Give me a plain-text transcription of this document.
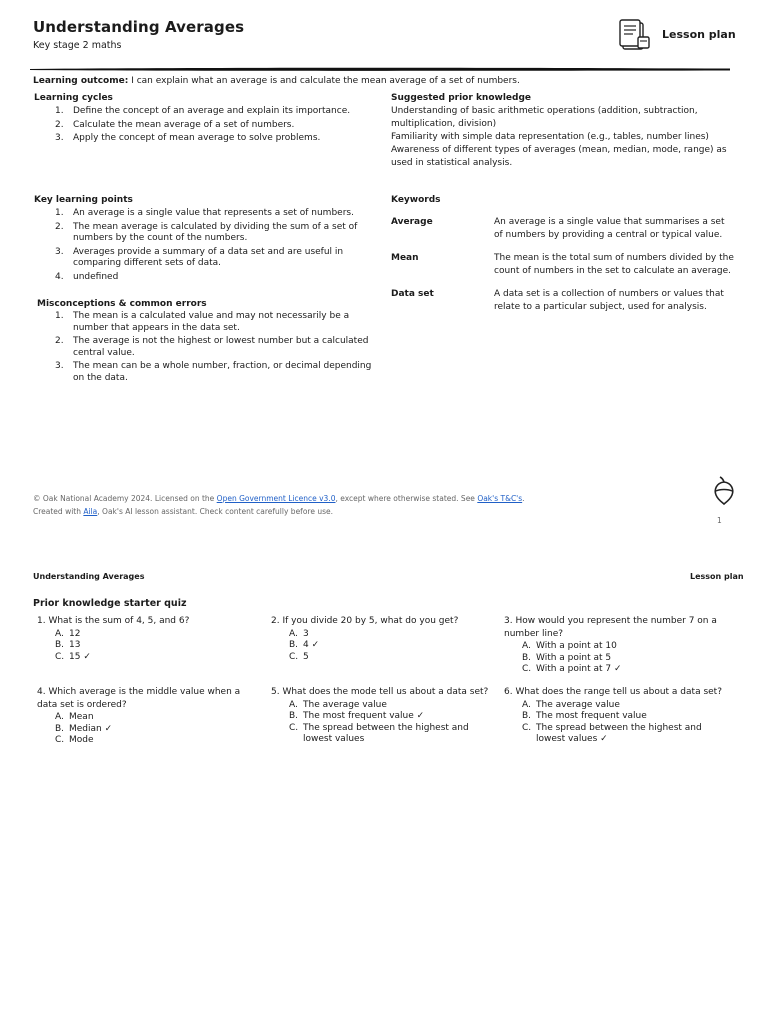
Understanding Averages
Key stage 2 maths
Lesson plan
Learning outcome: I can explain what an average is and calculate the mean average of a set of numbers.
Learning cycles
1. Define the concept of an average and explain its importance.
2. Calculate the mean average of a set of numbers.
3. Apply the concept of mean average to solve problems.
Suggested prior knowledge

Understanding of basic arithmetic operations (addition, subtraction, multiplication, division)

Familiarity with simple data representation (e.g., tables, number lines)

Awareness of different types of averages (mean, median, mode, range) as used in statistical analysis.

Key learning points
1. An average is a single value that represents a set of numbers.
2. The mean average is calculated by dividing the sum of a set of numbers by the count of the numbers.
3. Averages provide a summary of a data set and are useful in comparing different sets of data.
4. undefined
Misconceptions & common errors
1. The mean is a calculated value and may not necessarily be a number that appears in the data set.
2. The average is not the highest or lowest number but a calculated central value.
3. The mean can be a whole number, fraction, or decimal depending on the data.
Keywords
Average	An average is a single value that summarises a set of numbers by providing a central or typical value.
Mean	The mean is the total sum of numbers divided by the count of numbers in the set to calculate an average.
Data set	A data set is a collection of numbers or values that relate to a particular subject, used for analysis.
© Oak National Academy 2024. Licensed on the Open Government Licence v3.0, except where otherwise stated. See Oak's T&C's.
Created with Aila, Oak's AI lesson assistant. Check content carefully before use.
1
Understanding Averages	Lesson plan
Prior knowledge starter quiz
1. What is the sum of 4, 5, and 6?
A. 12
B. 13
C. 15 ✓
2. If you divide 20 by 5, what do you get?
A. 3
B. 4 ✓
C. 5
3. How would you represent the number 7 on a number line?
A. With a point at 10
B. With a point at 5
C. With a point at 7 ✓
4. Which average is the middle value when a data set is ordered?
A. Mean
B. Median ✓
C. Mode
5. What does the mode tell us about a data set?
A. The average value
B. The most frequent value ✓
C. The spread between the highest and lowest values
6. What does the range tell us about a data set?
A. The average value
B. The most frequent value
C. The spread between the highest and lowest values ✓
